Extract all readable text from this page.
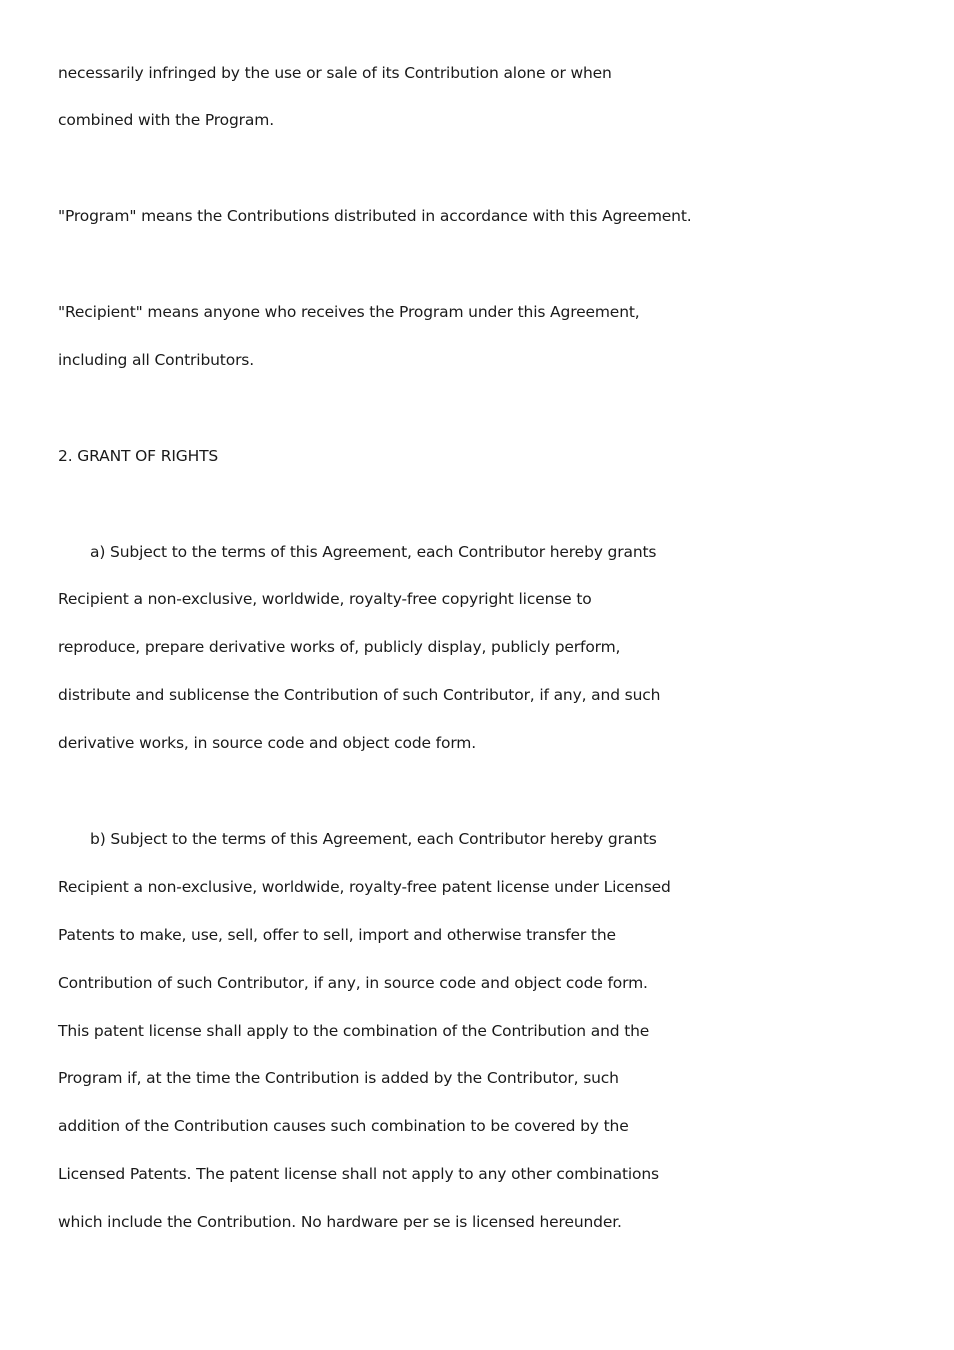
necessarily infringed by the use or sale of its Contribution alone or when

combined with the Program.

"Program" means the Contributions distributed in accordance with this Agreement.

"Recipient" means anyone who receives the Program under this Agreement,

including all Contributors.

2. GRANT OF RIGHTS

a) Subject to the terms of this Agreement, each Contributor hereby grants

Recipient a non-exclusive, worldwide, royalty-free copyright license to

reproduce, prepare derivative works of, publicly display, publicly perform,

distribute and sublicense the Contribution of such Contributor, if any, and such

derivative works, in source code and object code form.

b) Subject to the terms of this Agreement, each Contributor hereby grants

Recipient a non-exclusive, worldwide, royalty-free patent license under Licensed

Patents to make, use, sell, offer to sell, import and otherwise transfer the

Contribution of such Contributor, if any, in source code and object code form.

This patent license shall apply to the combination of the Contribution and the

Program if, at the time the Contribution is added by the Contributor, such

addition of the Contribution causes such combination to be covered by the

Licensed Patents. The patent license shall not apply to any other combinations

which include the Contribution. No hardware per se is licensed hereunder.
